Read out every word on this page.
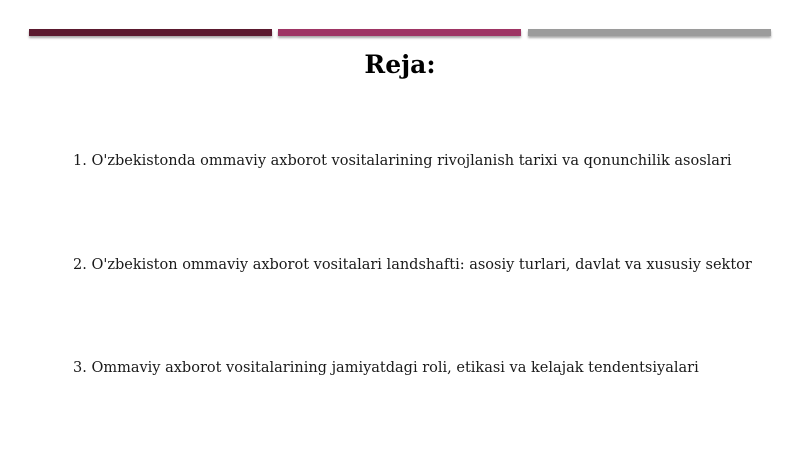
Reja:

1. O'zbekistonda ommaviy axborot vositalarining rivojlanish tarixi va qonunchilik asoslari

2. O'zbekiston ommaviy axborot vositalari landshafti: asosiy turlari, davlat va xususiy sektor

3. Ommaviy axborot vositalarining jamiyatdagi roli, etikasi va kelajak tendentsiyalari
